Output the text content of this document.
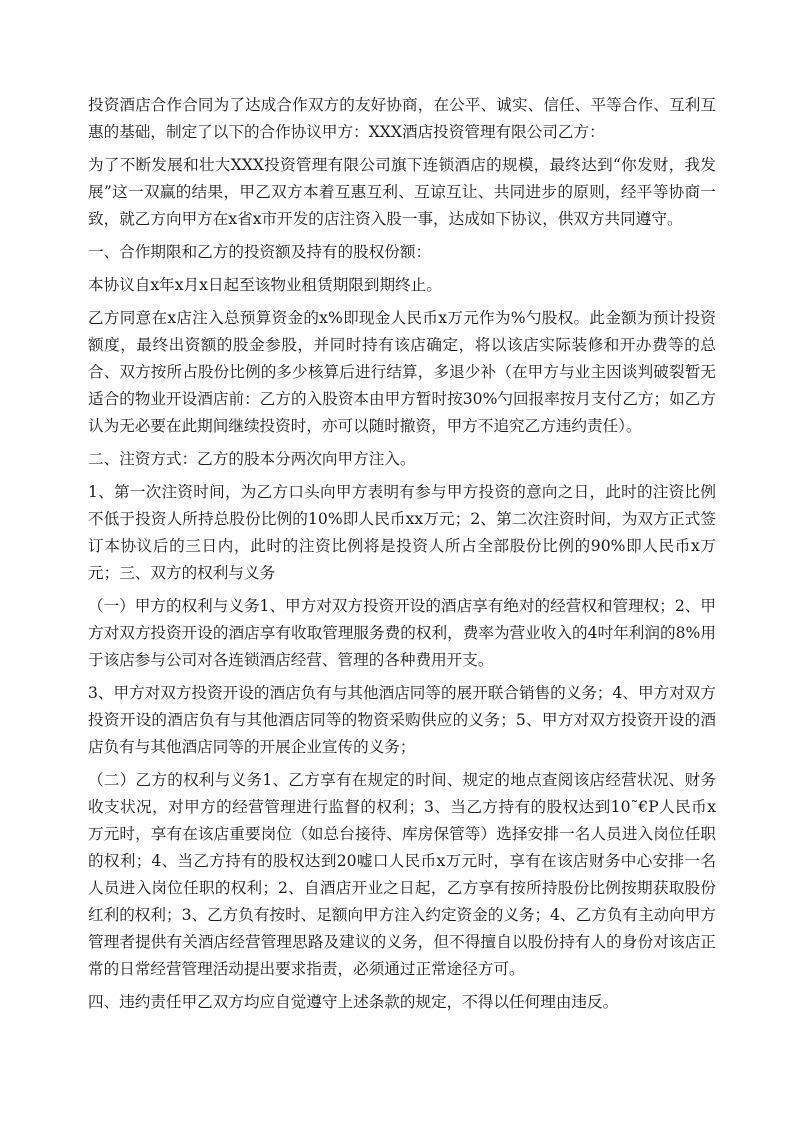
投资酒店合作合同为了达成合作双方的友好协商，在公平、诚实、信任、平等合作、互利互惠的基础，制定了以下的合作协议甲方：XXX酒店投资管理有限公司乙方：

为了不断发展和壮大XXX投资管理有限公司旗下连锁酒店的规模，最终达到“你发财，我发展”这一双赢的结果，甲乙双方本着互惠互利、互谅互让、共同进步的原则，经平等协商一致，就乙方向甲方在x省x市开发的店注资入股一事，达成如下协议，供双方共同遵守。

一、合作期限和乙方的投资额及持有的股权份额：

本协议自x年x月x日起至该物业租赁期限到期终止。

乙方同意在x店注入总预算资金的x%即现金人民币x万元作为%勺股权。此金额为预计投资额度，最终出资额的股金参股，并同时持有该店确定，将以该店实际装修和开办费等的总合、双方按所占股份比例的多少核算后进行结算，多退少补（在甲方与业主因谈判破裂暂无适合的物业开设酒店前：乙方的入股资本由甲方暂时按30%勺回报率按月支付乙方；如乙方认为无必要在此期间继续投资时，亦可以随时撤资，甲方不追究乙方违约责任）。

二、注资方式：乙方的股本分两次向甲方注入。

1、第一次注资时间，为乙方口头向甲方表明有参与甲方投资的意向之日，此时的注资比例不低于投资人所持总股份比例的10%即人民币xx万元；2、第二次注资时间，为双方正式签订本协议后的三日内，此时的注资比例将是投资人所占全部股份比例的90%即人民币x万元；三、双方的权利与义务

（一）甲方的权利与义务1、甲方对双方投资开设的酒店享有绝对的经营权和管理权；2、甲方对双方投资开设的酒店享有收取管理服务费的权利，费率为营业收入的4吋年利润的8%用于该店参与公司对各连锁酒店经营、管理的各种费用开支。

3、甲方对双方投资开设的酒店负有与其他酒店同等的展开联合销售的义务；4、甲方对双方投资开设的酒店负有与其他酒店同等的物资采购供应的义务；5、甲方对双方投资开设的酒店负有与其他酒店同等的开展企业宣传的义务；

（二）乙方的权利与义务1、乙方享有在规定的时间、规定的地点查阅该店经营状况、财务收支状况，对甲方的经营管理进行监督的权利；3、当乙方持有的股权达到10˜€P人民币x万元时，享有在该店重要岗位（如总台接待、库房保管等）选择安排一名人员进入岗位任职的权利；4、当乙方持有的股权达到20嘘口人民币x万元时，享有在该店财务中心安排一名人员进入岗位任职的权利；2、自酒店开业之日起，乙方享有按所持股份比例按期获取股份红利的权利；3、乙方负有按时、足额向甲方注入约定资金的义务；4、乙方负有主动向甲方管理者提供有关酒店经营管理思路及建议的义务，但不得擅自以股份持有人的身份对该店正常的日常经营管理活动提出要求指责，必须通过正常途径方可。

四、违约责任甲乙双方均应自觉遵守上述条款的规定，不得以任何理由违反。
